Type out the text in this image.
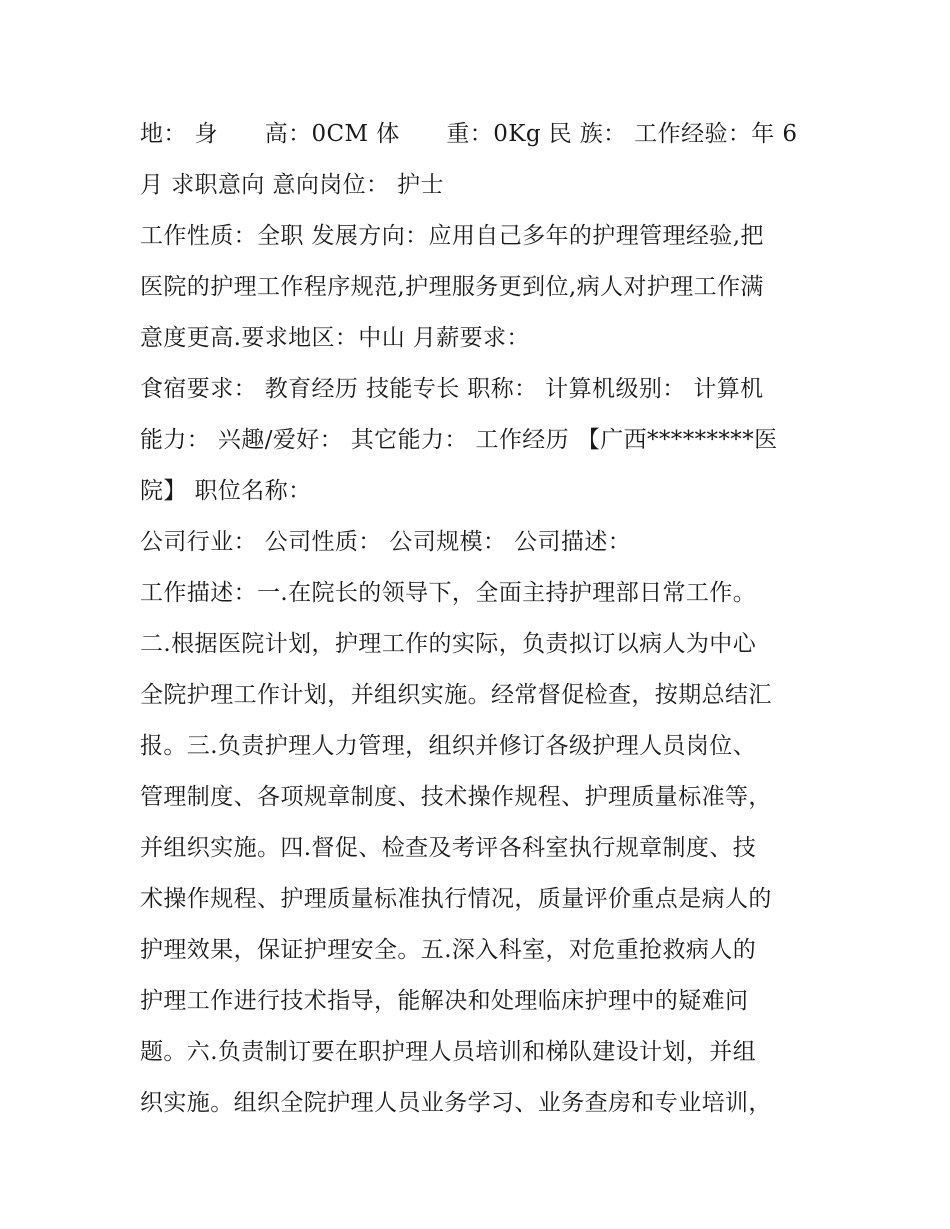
地： 身　　高：0CM 体　　重：0Kg 民 族： 工作经验：年 6
月 求职意向 意向岗位： 护士
工作性质：全职 发展方向：应用自己多年的护理管理经验,把
医院的护理工作程序规范,护理服务更到位,病人对护理工作满
意度更高.要求地区：中山 月薪要求：
食宿要求： 教育经历 技能专长 职称： 计算机级别： 计算机
能力： 兴趣/爱好： 其它能力： 工作经历 【广西*********医
院】 职位名称：
公司行业： 公司性质： 公司规模： 公司描述：
工作描述：一.在院长的领导下，全面主持护理部日常工作。
二.根据医院计划，护理工作的实际，负责拟订以病人为中心
全院护理工作计划，并组织实施。经常督促检查，按期总结汇
报。三.负责护理人力管理，组织并修订各级护理人员岗位、
管理制度、各项规章制度、技术操作规程、护理质量标准等，
并组织实施。四.督促、检查及考评各科室执行规章制度、技
术操作规程、护理质量标准执行情况，质量评价重点是病人的
护理效果，保证护理安全。五.深入科室，对危重抢救病人的
护理工作进行技术指导，能解决和处理临床护理中的疑难问
题。六.负责制订要在职护理人员培训和梯队建设计划，并组
织实施。组织全院护理人员业务学习、业务查房和专业培训，
